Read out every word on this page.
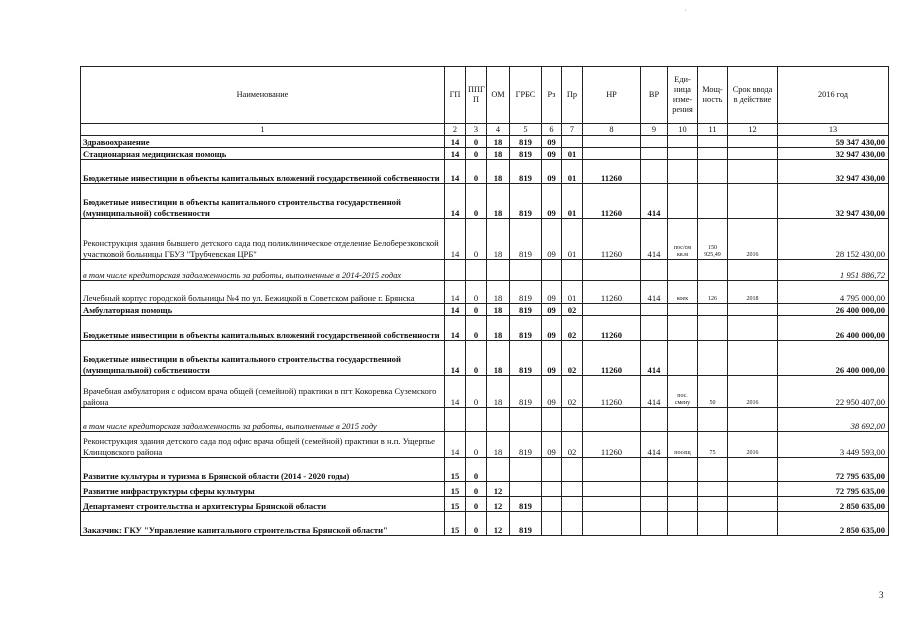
·
Наименование	ГП	ППГ П	ОМ	ГРБС	Рз	Пр	НР	ВР	Еди- ница изме- рения	Мощ- ность	Срок ввода в действие	2016 год
1	2	3	4	5	6	7	8	9	10	11	12	13
Здравоохранение	14	0	18	819	09							59 347 430,00
Стационарная медицинская помощь	14	0	18	819	09	01						32 947 430,00
Бюджетные инвестиции в объекты капитальных вложений государственной собственности	14	0	18	819	09	01	11260					32 947 430,00
Бюджетные инвестиции в объекты капитального строительства государственной (муниципальной) собственности	14	0	18	819	09	01	11260	414				32 947 430,00
Реконструкция здания бывшего детского сада под поликлиническое отделение Белоберезковской участковой больницы ГБУЗ "Трубчевская ЦРБ"	14	0	18	819	09	01	11260	414	пос/см кв.м	150 925,49	2016	28 152 430,00
в том числе кредиторская задолженность за работы, выполненные в 2014-2015 годах												1 951 886,72
Лечебный корпус городской больницы №4 по ул. Бежицкой в Советском районе г. Брянска	14	0	18	819	09	01	11260	414	коек	126	2018	4 795 000,00
Амбулаторная помощь	14	0	18	819	09	02						26 400 000,00
Бюджетные инвестиции в объекты капитальных вложений государственной собственности	14	0	18	819	09	02	11260					26 400 000,00
Бюджетные инвестиции в объекты капитального строительства государственной (муниципальной) собственности	14	0	18	819	09	02	11260	414				26 400 000,00
Врачебная амбулатория с офисом врача общей (семейной) практики в пгт Кокоревка Суземского района	14	0	18	819	09	02	11260	414	пос. смену	50	2016	22 950 407,00
в том числе кредиторская задолженность за работы, выполненные в 2015 году												38 692,00
Реконструкция здания детского сада под офис врача общей (семейной) практики в н.п. Ущерпье Клинцовского района	14	0	18	819	09	02	11260	414	посещ	75	2016	3 449 593,00
Развитие культуры и туризма в Брянской области (2014 - 2020 годы)	15	0										72 795 635,00
Развитие инфраструктуры сферы культуры	15	0	12									72 795 635,00
Департамент строительства и архитектуры Брянской области	15	0	12	819								2 850 635,00
Заказчик: ГКУ "Управление капитального строительства Брянской области"	15	0	12	819								2 850 635,00
3
